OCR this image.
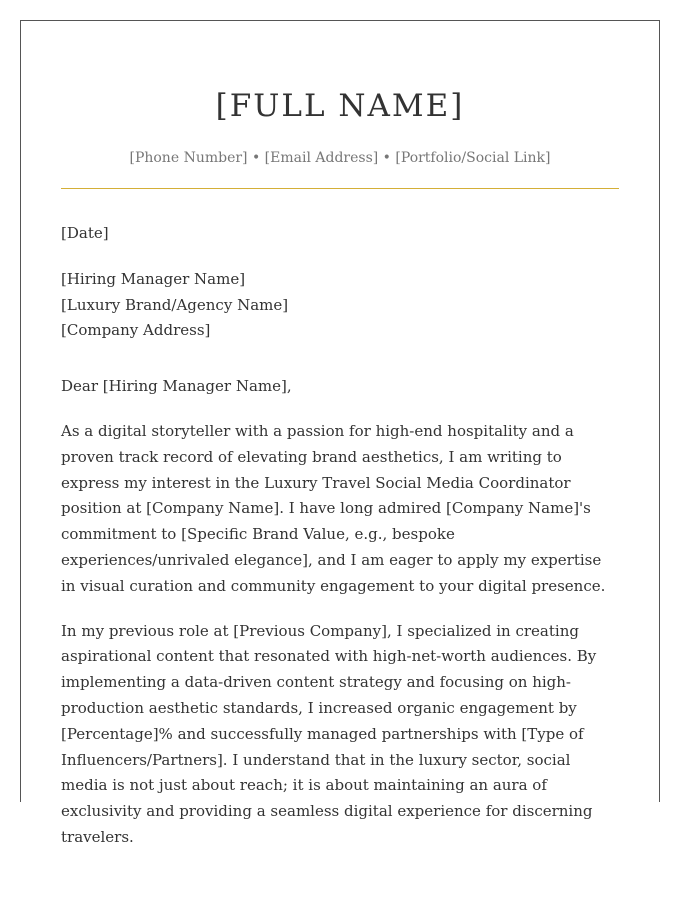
[FULL NAME]
[Phone Number] • [Email Address] • [Portfolio/Social Link]

[Date]

[Hiring Manager Name]
[Luxury Brand/Agency Name]
[Company Address]

Dear [Hiring Manager Name],

As a digital storyteller with a passion for high-end hospitality and a proven track record of elevating brand aesthetics, I am writing to express my interest in the Luxury Travel Social Media Coordinator position at [Company Name]. I have long admired [Company Name]'s commitment to [Specific Brand Value, e.g., bespoke experiences/unrivaled elegance], and I am eager to apply my expertise in visual curation and community engagement to your digital presence.

In my previous role at [Previous Company], I specialized in creating aspirational content that resonated with high-net-worth audiences. By implementing a data-driven content strategy and focusing on high-production aesthetic standards, I increased organic engagement by [Percentage]% and successfully managed partnerships with [Type of Influencers/Partners]. I understand that in the luxury sector, social media is not just about reach; it is about maintaining an aura of exclusivity and providing a seamless digital experience for discerning travelers.
